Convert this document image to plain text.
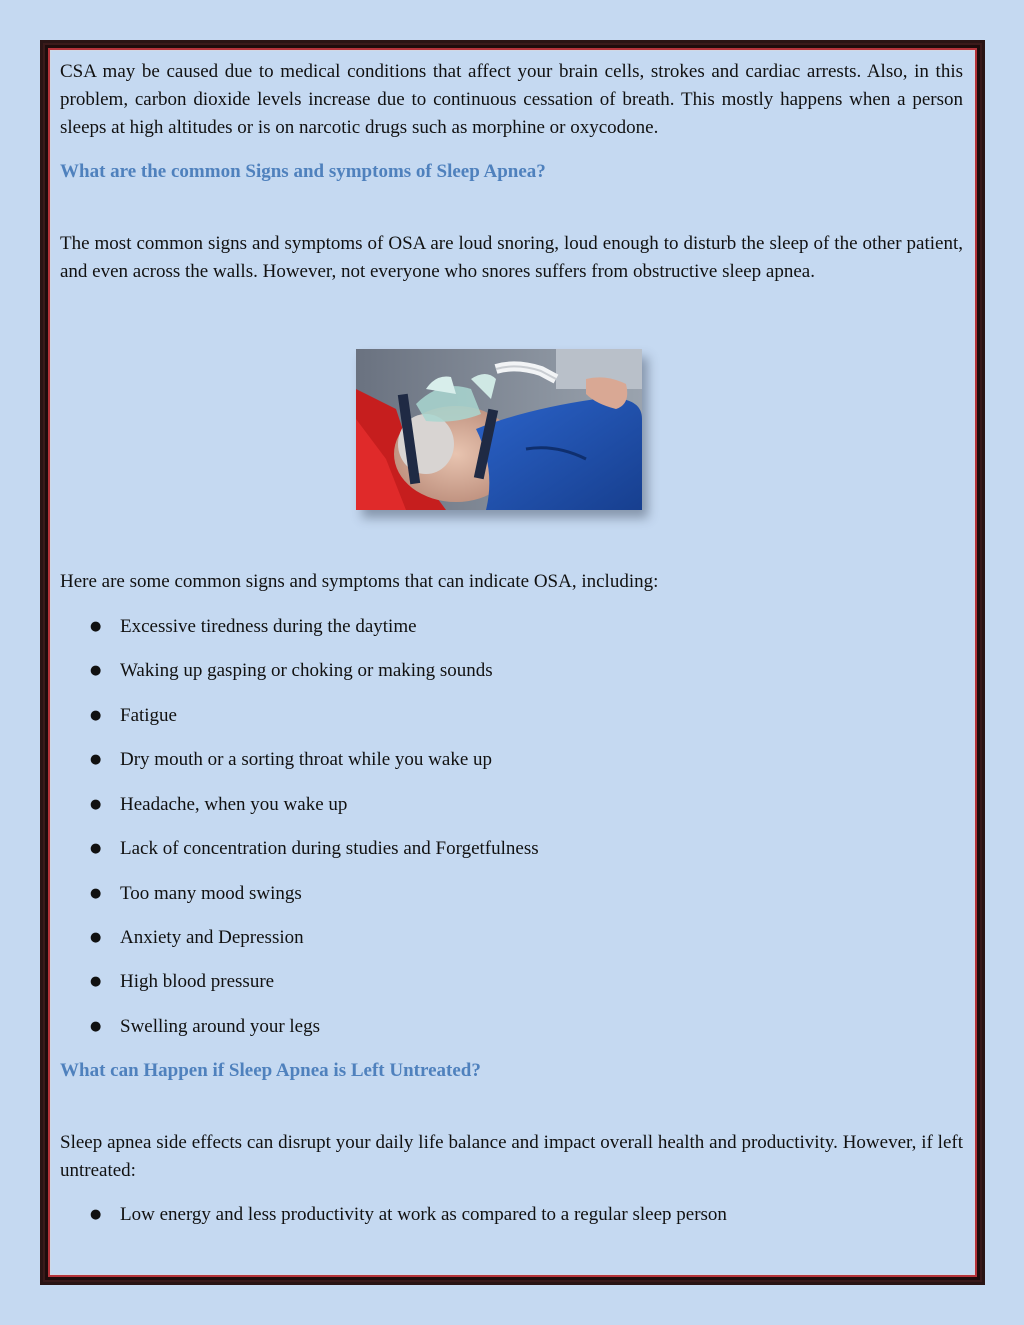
CSA may be caused due to medical conditions that affect your brain cells, strokes and cardiac arrests. Also, in this problem, carbon dioxide levels increase due to continuous cessation of breath. This mostly happens when a person sleeps at high altitudes or is on narcotic drugs such as morphine or oxycodone.

What are the common Signs and symptoms of Sleep Apnea?

The most common signs and symptoms of OSA are loud snoring, loud enough to disturb the sleep of the other patient, and even across the walls. However, not everyone who snores suffers from obstructive sleep apnea.

Here are some common signs and symptoms that can indicate OSA, including:

● Excessive tiredness during the daytime

● Waking up gasping or choking or making sounds

● Fatigue

● Dry mouth or a sorting throat while you wake up

● Headache, when you wake up

● Lack of concentration during studies and Forgetfulness

● Too many mood swings

● Anxiety and Depression

● High blood pressure

● Swelling around your legs

What can Happen if Sleep Apnea is Left Untreated?

Sleep apnea side effects can disrupt your daily life balance and impact overall health and productivity. However, if left untreated:

● Low energy and less productivity at work as compared to a regular sleep person
